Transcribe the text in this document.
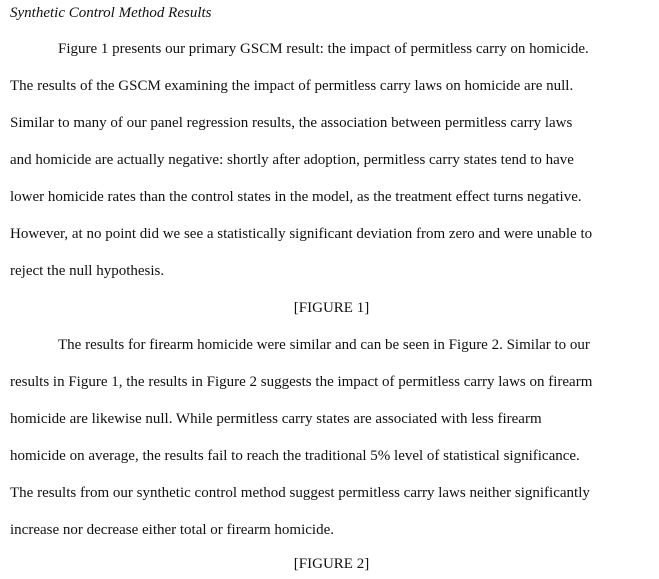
Synthetic Control Method Results

Figure 1 presents our primary GSCM result: the impact of permitless carry on homicide.
The results of the GSCM examining the impact of permitless carry laws on homicide are null.
Similar to many of our panel regression results, the association between permitless carry laws
and homicide are actually negative: shortly after adoption, permitless carry states tend to have
lower homicide rates than the control states in the model, as the treatment effect turns negative.
However, at no point did we see a statistically significant deviation from zero and were unable to
reject the null hypothesis.

[FIGURE 1]

The results for firearm homicide were similar and can be seen in Figure 2. Similar to our
results in Figure 1, the results in Figure 2 suggests the impact of permitless carry laws on firearm
homicide are likewise null. While permitless carry states are associated with less firearm
homicide on average, the results fail to reach the traditional 5% level of statistical significance.
The results from our synthetic control method suggest permitless carry laws neither significantly
increase nor decrease either total or firearm homicide.

[FIGURE 2]
